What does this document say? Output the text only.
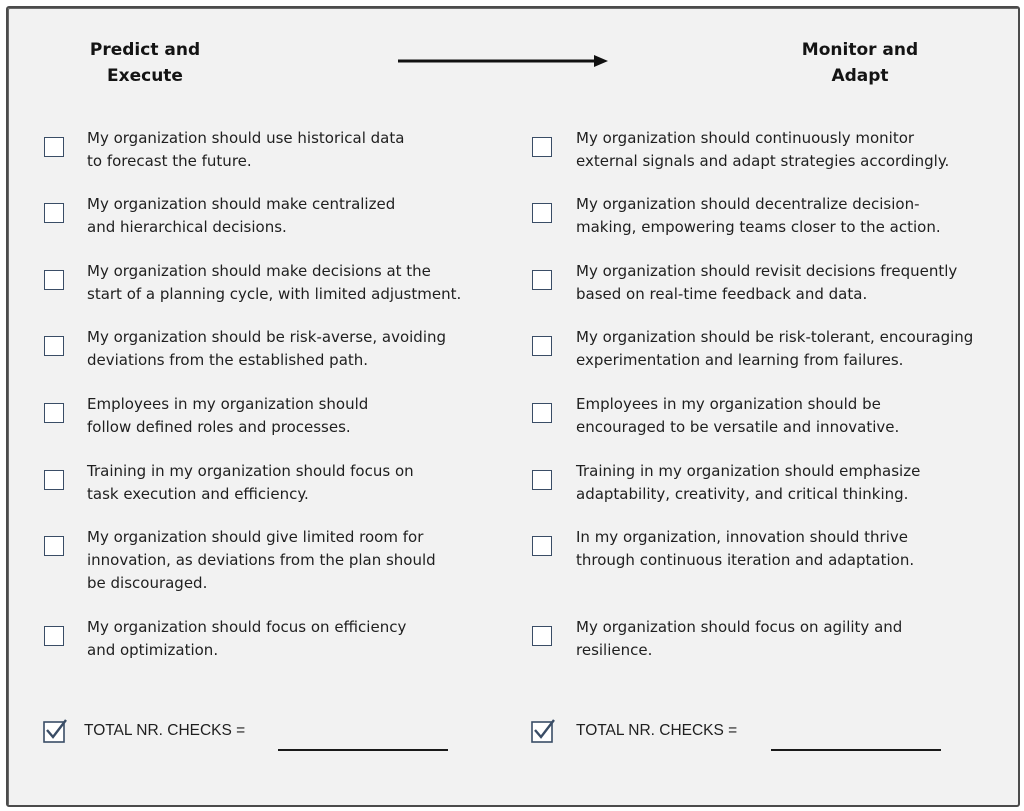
Predict and
Execute
Monitor and
Adapt
My organization should use historical data
to forecast the future.
My organization should continuously monitor
external signals and adapt strategies accordingly.
My organization should make centralized
and hierarchical decisions.
My organization should decentralize decision-
making, empowering teams closer to the action.
My organization should make decisions at the
start of a planning cycle, with limited adjustment.
My organization should revisit decisions frequently
based on real-time feedback and data.
My organization should be risk-averse, avoiding
deviations from the established path.
My organization should be risk-tolerant, encouraging
experimentation and learning from failures.
Employees in my organization should
follow defined roles and processes.
Employees in my organization should be
encouraged to be versatile and innovative.
Training in my organization should focus on
task execution and efficiency.
Training in my organization should emphasize
adaptability, creativity, and critical thinking.
My organization should give limited room for
innovation, as deviations from the plan should
be discouraged.
In my organization, innovation should thrive
through continuous iteration and adaptation.
My organization should focus on efficiency
and optimization.
My organization should focus on agility and
resilience.
TOTAL NR. CHECKS =	TOTAL NR. CHECKS =
